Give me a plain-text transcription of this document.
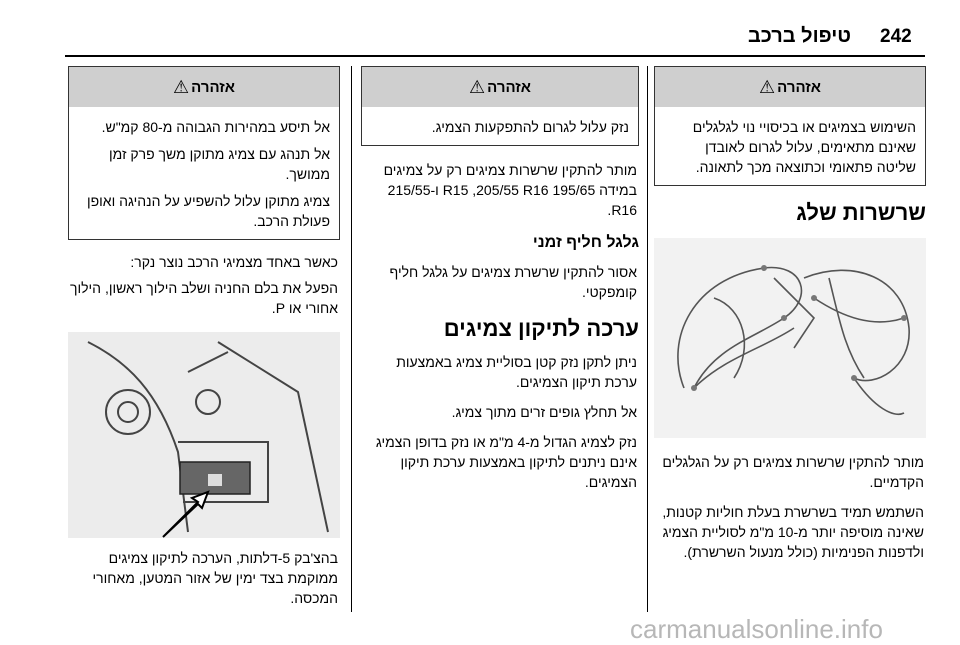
242
טיפול ברכב
⚠ אזהרה

השימוש בצמיגים או בכיסויי נוי לגלגלים שאינם מתאימים, עלול לגרום לאובדן שליטה פתאומי וכתוצאה מכך לתאונה.

שרשרות שלג

מותר להתקין שרשרות צמיגים רק על הגלגלים הקדמיים.

השתמש תמיד בשרשרת בעלת חוליות קטנות, שאינה מוסיפה יותר מ-10 מ"מ לסוליית הצמיג ולדפנות הפנימיות (כולל מנעול השרשרת).

⚠ אזהרה

נזק עלול לגרום להתפקעות הצמיג.

מותר להתקין שרשרות צמיגים רק על צמיגים במידה 195/65 R15 ,205/55 R16 ו-215/55 R16.

גלגל חליף זמני

אסור להתקין שרשרת צמיגים על גלגל חליף קומפקטי.

ערכה לתיקון צמיגים

ניתן לתקן נזק קטן בסוליית צמיג באמצעות ערכת תיקון הצמיגים.

אל תחלץ גופים זרים מתוך צמיג.

נזק לצמיג הגדול מ-4 מ"מ או נזק בדופן הצמיג אינם ניתנים לתיקון באמצעות ערכת תיקון הצמיגים.

⚠ אזהרה

אל תיסע במהירות הגבוהה מ-80 קמ"ש.

אל תנהג עם צמיג מתוקן משך פרק זמן ממושך.

צמיג מתוקן עלול להשפיע על הנהיגה ואופן פעולת הרכב.

כאשר באחד מצמיגי הרכב נוצר נקר:

הפעל את בלם החניה ושלב הילוך ראשון, הילוך אחורי או P.

בהצ'בק 5-דלתות, הערכה לתיקון צמיגים ממוקמת בצד ימין של אזור המטען, מאחורי המכסה.

carmanualsonline.info
